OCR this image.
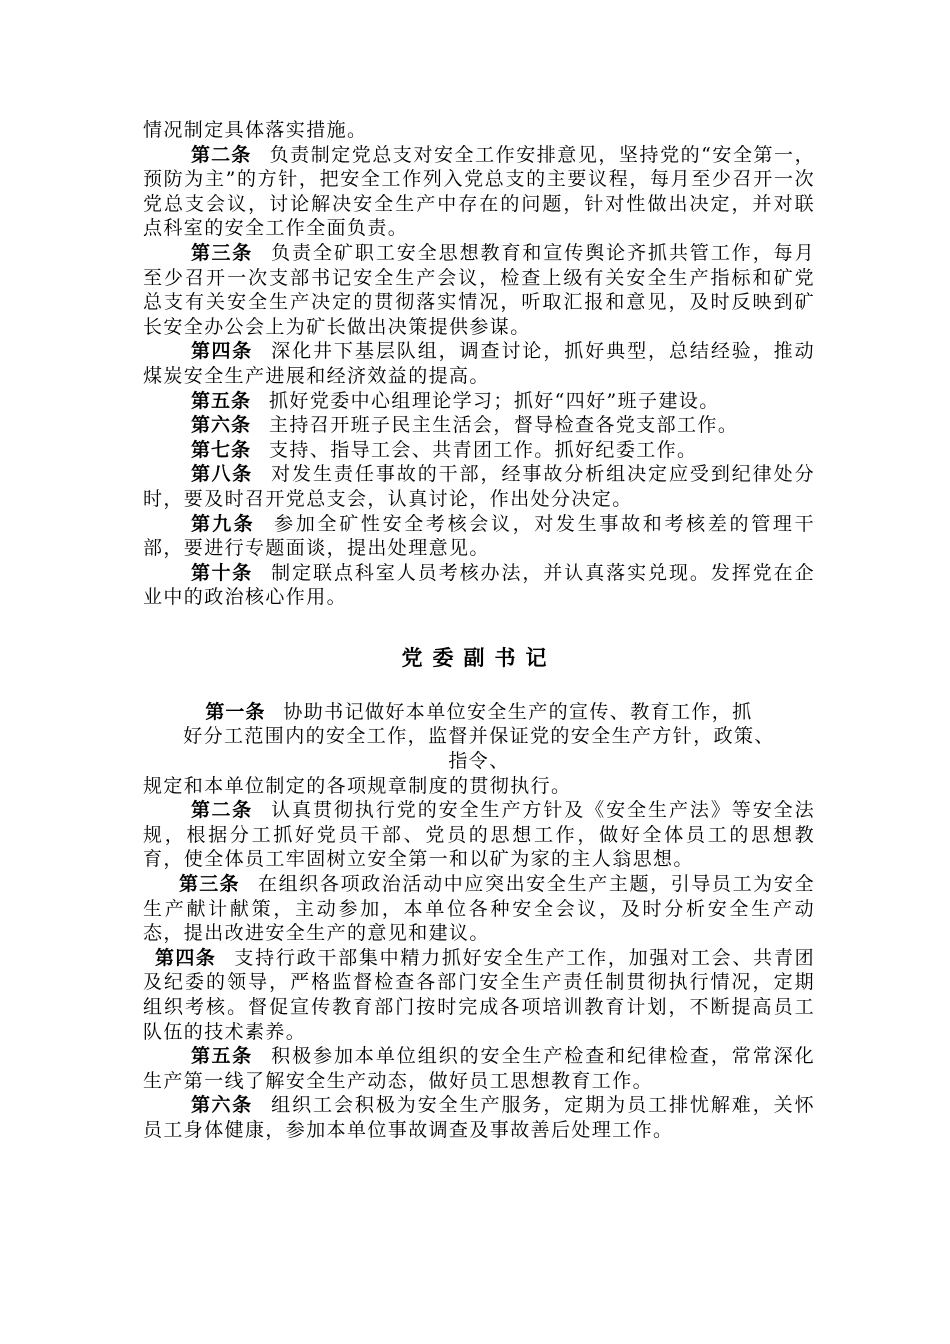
情况制定具体落实措施。

第二条 负责制定党总支对安全工作安排意见，坚持党的“安全第一，预防为主”的方针，把安全工作列入党总支的主要议程，每月至少召开一次党总支会议，讨论解决安全生产中存在的问题，针对性做出决定，并对联点科室的安全工作全面负责。

第三条 负责全矿职工安全思想教育和宣传舆论齐抓共管工作，每月至少召开一次支部书记安全生产会议，检查上级有关安全生产指标和矿党总支有关安全生产决定的贯彻落实情况，听取汇报和意见，及时反映到矿长安全办公会上为矿长做出决策提供参谋。

第四条 深化井下基层队组，调查讨论，抓好典型，总结经验，推动煤炭安全生产进展和经济效益的提高。

第五条 抓好党委中心组理论学习；抓好“四好”班子建设。

第六条 主持召开班子民主生活会，督导检查各党支部工作。

第七条 支持、指导工会、共青团工作。抓好纪委工作。

第八条 对发生责任事故的干部，经事故分析组决定应受到纪律处分时，要及时召开党总支会，认真讨论，作出处分决定。

第九条 参加全矿性安全考核会议，对发生事故和考核差的管理干部，要进行专题面谈，提出处理意见。

第十条 制定联点科室人员考核办法，并认真落实兑现。发挥党在企业中的政治核心作用。

党委副书记

第一条 协助书记做好本单位安全生产的宣传、教育工作，抓

好分工范围内的安全工作，监督并保证党的安全生产方针，政策、

指令、

规定和本单位制定的各项规章制度的贯彻执行。

第二条 认真贯彻执行党的安全生产方针及《安全生产法》等安全法规，根据分工抓好党员干部、党员的思想工作，做好全体员工的思想教育，使全体员工牢固树立安全第一和以矿为家的主人翁思想。

第三条 在组织各项政治活动中应突出安全生产主题，引导员工为安全生产献计献策，主动参加，本单位各种安全会议，及时分析安全生产动态，提出改进安全生产的意见和建议。

第四条 支持行政干部集中精力抓好安全生产工作，加强对工会、共青团及纪委的领导，严格监督检查各部门安全生产责任制贯彻执行情况，定期组织考核。督促宣传教育部门按时完成各项培训教育计划，不断提高员工队伍的技术素养。

第五条 积极参加本单位组织的安全生产检查和纪律检查，常常深化生产第一线了解安全生产动态，做好员工思想教育工作。

第六条 组织工会积极为安全生产服务，定期为员工排忧解难，关怀员工身体健康，参加本单位事故调查及事故善后处理工作。
